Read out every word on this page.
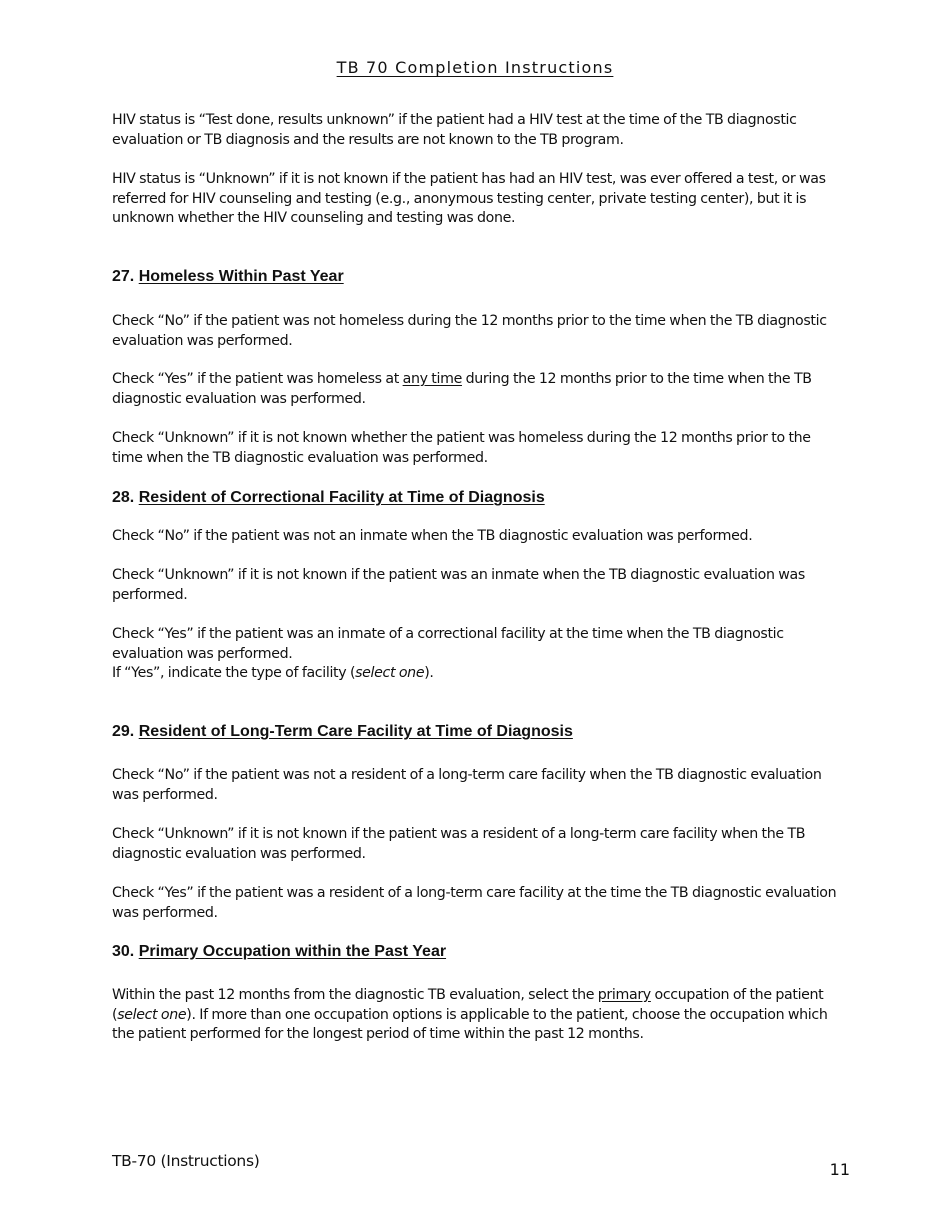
TB 70 Completion Instructions

HIV status is “Test done, results unknown” if the patient had a HIV test at the time of the TB diagnostic evaluation or TB diagnosis and the results are not known to the TB program.

HIV status is “Unknown” if it is not known if the patient has had an HIV test, was ever offered a test, or was referred for HIV counseling and testing (e.g., anonymous testing center, private testing center), but it is unknown whether the HIV counseling and testing was done.

27. Homeless Within Past Year

Check “No” if the patient was not homeless during the 12 months prior to the time when the TB diagnostic evaluation was performed.

Check “Yes” if the patient was homeless at any time during the 12 months prior to the time when the TB diagnostic evaluation was performed.

Check “Unknown” if it is not known whether the patient was homeless during the 12 months prior to the time when the TB diagnostic evaluation was performed.

28. Resident of Correctional Facility at Time of Diagnosis

Check “No” if the patient was not an inmate when the TB diagnostic evaluation was performed.

Check “Unknown” if it is not known if the patient was an inmate when the TB diagnostic evaluation was performed.

Check “Yes” if the patient was an inmate of a correctional facility at the time when the TB diagnostic evaluation was performed.

If “Yes”, indicate the type of facility (select one).

29. Resident of Long-Term Care Facility at Time of Diagnosis

Check “No” if the patient was not a resident of a long-term care facility when the TB diagnostic evaluation was performed.

Check “Unknown” if it is not known if the patient was a resident of a long-term care facility when the TB diagnostic evaluation was performed.

Check “Yes” if the patient was a resident of a long-term care facility at the time the TB diagnostic evaluation was performed.

30. Primary Occupation within the Past Year

Within the past 12 months from the diagnostic TB evaluation, select the primary occupation of the patient (select one). If more than one occupation options is applicable to the patient, choose the occupation which the patient performed for the longest period of time within the past 12 months.

TB-70 (Instructions)	11
